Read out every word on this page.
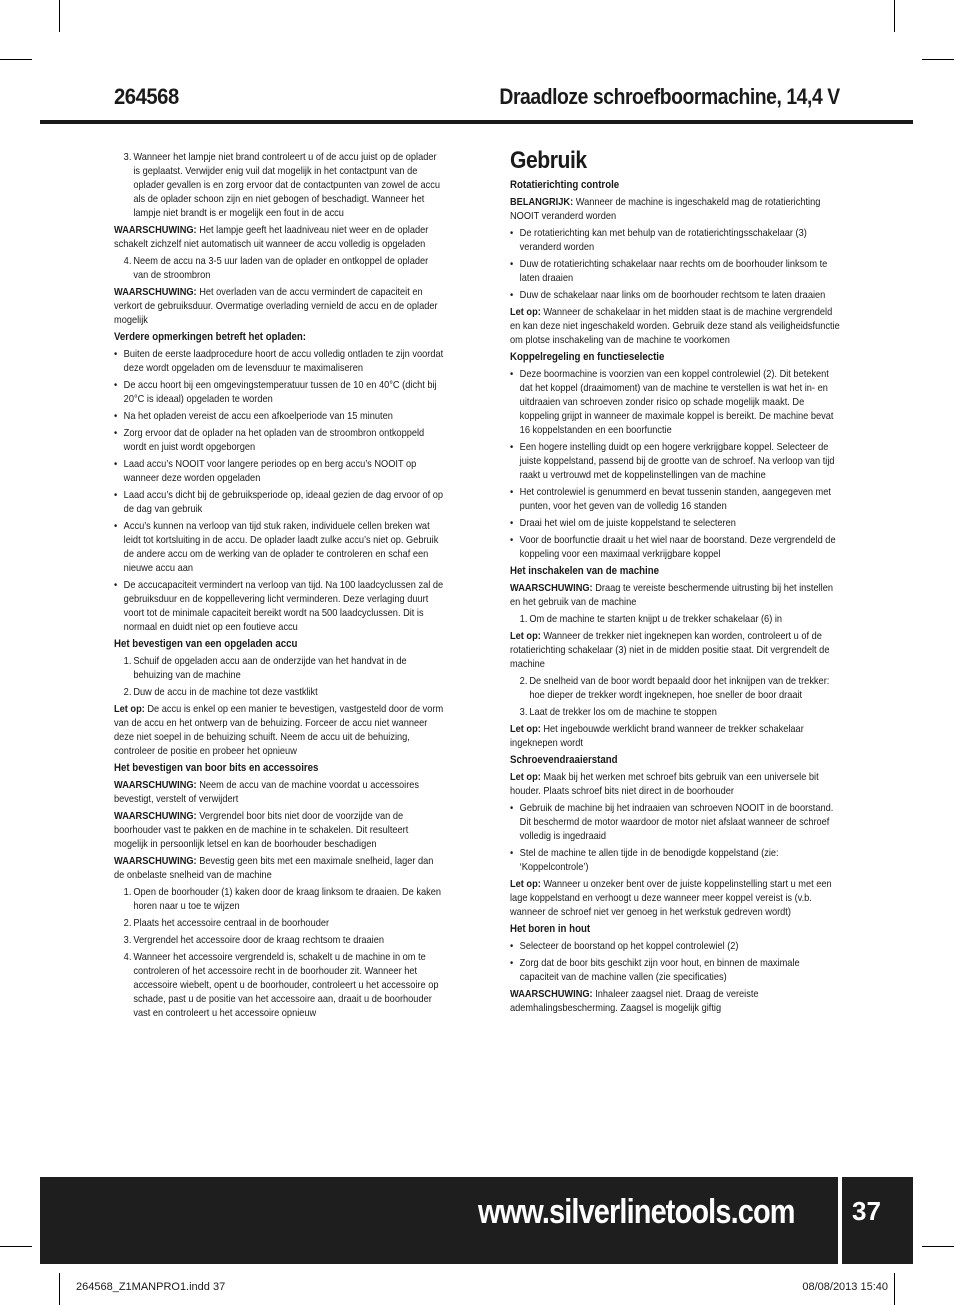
264568	Draadloze schroefboormachine, 14,4 V
3. Wanneer het lampje niet brand controleert u of de accu juist op de oplader is geplaatst. Verwijder enig vuil dat mogelijk in het contactpunt van de oplader gevallen is en zorg ervoor dat de contactpunten van zowel de accu als de oplader schoon zijn en niet gebogen of beschadigt. Wanneer het lampje niet brandt is er mogelijk een fout in de accu

WAARSCHUWING: Het lampje geeft het laadniveau niet weer en de oplader schakelt zichzelf niet automatisch uit wanneer de accu volledig is opgeladen

4. Neem de accu na 3-5 uur laden van de oplader en ontkoppel de oplader van de stroombron

WAARSCHUWING: Het overladen van de accu vermindert de capaciteit en verkort de gebruiksduur. Overmatige overlading vernield de accu en de oplader mogelijk

Verdere opmerkingen betreft het opladen:

• Buiten de eerste laadprocedure hoort de accu volledig ontladen te zijn voordat deze wordt opgeladen om de levensduur te maximaliseren
• De accu hoort bij een omgevingstemperatuur tussen de 10 en 40°C (dicht bij 20°C is ideaal) opgeladen te worden
• Na het opladen vereist de accu een afkoelperiode van 15 minuten
• Zorg ervoor dat de oplader na het opladen van de stroombron ontkoppeld wordt en juist wordt opgeborgen
• Laad accu’s NOOIT voor langere periodes op en berg accu’s NOOIT op wanneer deze worden opgeladen
• Laad accu’s dicht bij de gebruiksperiode op, ideaal gezien de dag ervoor of op de dag van gebruik
• Accu’s kunnen na verloop van tijd stuk raken, individuele cellen breken wat leidt tot kortsluiting in de accu. De oplader laadt zulke accu’s niet op. Gebruik de andere accu om de werking van de oplader te controleren en schaf een nieuwe accu aan
• De accucapaciteit vermindert na verloop van tijd. Na 100 laadcyclussen zal de gebruiksduur en de koppellevering licht verminderen. Deze verlaging duurt voort tot de minimale capaciteit bereikt wordt na 500 laadcyclussen. Dit is normaal en duidt niet op een foutieve accu

Het bevestigen van een opgeladen accu

1. Schuif de opgeladen accu aan de onderzijde van het handvat in de behuizing van de machine
2. Duw de accu in de machine tot deze vastklikt

Let op: De accu is enkel op een manier te bevestigen, vastgesteld door de vorm van de accu en het ontwerp van de behuizing. Forceer de accu niet wanneer deze niet soepel in de behuizing schuift. Neem de accu uit de behuizing, controleer de positie en probeer het opnieuw

Het bevestigen van boor bits en accessoires

WAARSCHUWING: Neem de accu van de machine voordat u accessoires bevestigt, verstelt of verwijdert

WAARSCHUWING: Vergrendel boor bits niet door de voorzijde van de boorhouder vast te pakken en de machine in te schakelen. Dit resulteert mogelijk in persoonlijk letsel en kan de boorhouder beschadigen

WAARSCHUWING: Bevestig geen bits met een maximale snelheid, lager dan de onbelaste snelheid van de machine

1. Open de boorhouder (1) kaken door de kraag linksom te draaien. De kaken horen naar u toe te wijzen
2. Plaats het accessoire centraal in de boorhouder
3. Vergrendel het accessoire door de kraag rechtsom te draaien
4. Wanneer het accessoire vergrendeld is, schakelt u de machine in om te controleren of het accessoire recht in de boorhouder zit. Wanneer het accessoire wiebelt, opent u de boorhouder, controleert u het accessoire op schade, past u de positie van het accessoire aan, draait u de boorhouder vast en controleert u het accessoire opnieuw

Gebruik

Rotatierichting controle

BELANGRIJK: Wanneer de machine is ingeschakeld mag de rotatierichting NOOIT veranderd worden

• De rotatierichting kan met behulp van de rotatierichtingsschakelaar (3) veranderd worden
• Duw de rotatierichting schakelaar naar rechts om de boorhouder linksom te laten draaien
• Duw de schakelaar naar links om de boorhouder rechtsom te laten draaien

Let op: Wanneer de schakelaar in het midden staat is de machine vergrendeld en kan deze niet ingeschakeld worden. Gebruik deze stand als veiligheidsfunctie om plotse inschakeling van de machine te voorkomen

Koppelregeling en functieselectie

• Deze boormachine is voorzien van een koppel controlewiel (2). Dit betekent dat het koppel (draaimoment) van de machine te verstellen is wat het in- en uitdraaien van schroeven zonder risico op schade mogelijk maakt. De koppeling grijpt in wanneer de maximale koppel is bereikt. De machine bevat 16 koppelstanden en een boorfunctie
• Een hogere instelling duidt op een hogere verkrijgbare koppel. Selecteer de juiste koppelstand, passend bij de grootte van de schroef. Na verloop van tijd raakt u vertrouwd met de koppelinstellingen van de machine
• Het controlewiel is genummerd en bevat tussenin standen, aangegeven met punten, voor het geven van de volledig 16 standen
• Draai het wiel om de juiste koppelstand te selecteren
• Voor de boorfunctie draait u het wiel naar de boorstand. Deze vergrendeld de koppeling voor een maximaal verkrijgbare koppel

Het inschakelen van de machine

WAARSCHUWING: Draag te vereiste beschermende uitrusting bij het instellen en het gebruik van de machine

1. Om de machine te starten knijpt u de trekker schakelaar (6) in

Let op: Wanneer de trekker niet ingeknepen kan worden, controleert u of de rotatierichting schakelaar (3) niet in de midden positie staat. Dit vergrendelt de machine

2. De snelheid van de boor wordt bepaald door het inknijpen van de trekker: hoe dieper de trekker wordt ingeknepen, hoe sneller de boor draait
3. Laat de trekker los om de machine te stoppen

Let op: Het ingebouwde werklicht brand wanneer de trekker schakelaar ingeknepen wordt

Schroevendraaierstand

Let op: Maak bij het werken met schroef bits gebruik van een universele bit houder. Plaats schroef bits niet direct in de boorhouder

• Gebruik de machine bij het indraaien van schroeven NOOIT in de boorstand. Dit beschermd de motor waardoor de motor niet afslaat wanneer de schroef volledig is ingedraaid
• Stel de machine te allen tijde in de benodigde koppelstand (zie: ‘Koppelcontrole’)

Let op: Wanneer u onzeker bent over de juiste koppelinstelling start u met een lage koppelstand en verhoogt u deze wanneer meer koppel vereist is (v.b. wanneer de schroef niet ver genoeg in het werkstuk gedreven wordt)

Het boren in hout

• Selecteer de boorstand op het koppel controlewiel (2)
• Zorg dat de boor bits geschikt zijn voor hout, en binnen de maximale capaciteit van de machine vallen (zie specificaties)

WAARSCHUWING: Inhaleer zaagsel niet. Draag de vereiste ademhalingsbescherming. Zaagsel is mogelijk giftig

www.silverlinetools.com 37
264568_Z1MANPRO1.indd 37	08/08/2013 15:40
